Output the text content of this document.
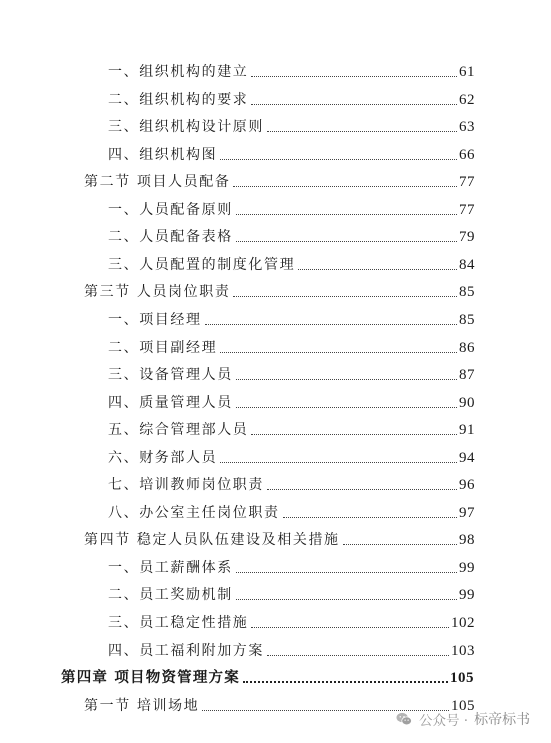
一、组织机构的建立	61
二、组织机构的要求	62
三、组织机构设计原则	63
四、组织机构图	66
第二节 项目人员配备	77
一、人员配备原则	77
二、人员配备表格	79
三、人员配置的制度化管理	84
第三节 人员岗位职责	85
一、项目经理	85
二、项目副经理	86
三、设备管理人员	87
四、质量管理人员	90
五、综合管理部人员	91
六、财务部人员	94
七、培训教师岗位职责	96
八、办公室主任岗位职责	97
第四节 稳定人员队伍建设及相关措施	98
一、员工薪酬体系	99
二、员工奖励机制	99
三、员工稳定性措施	102
四、员工福利附加方案	103
第四章 项目物资管理方案	105
第一节 培训场地	105
公众号 · 标帝标书
